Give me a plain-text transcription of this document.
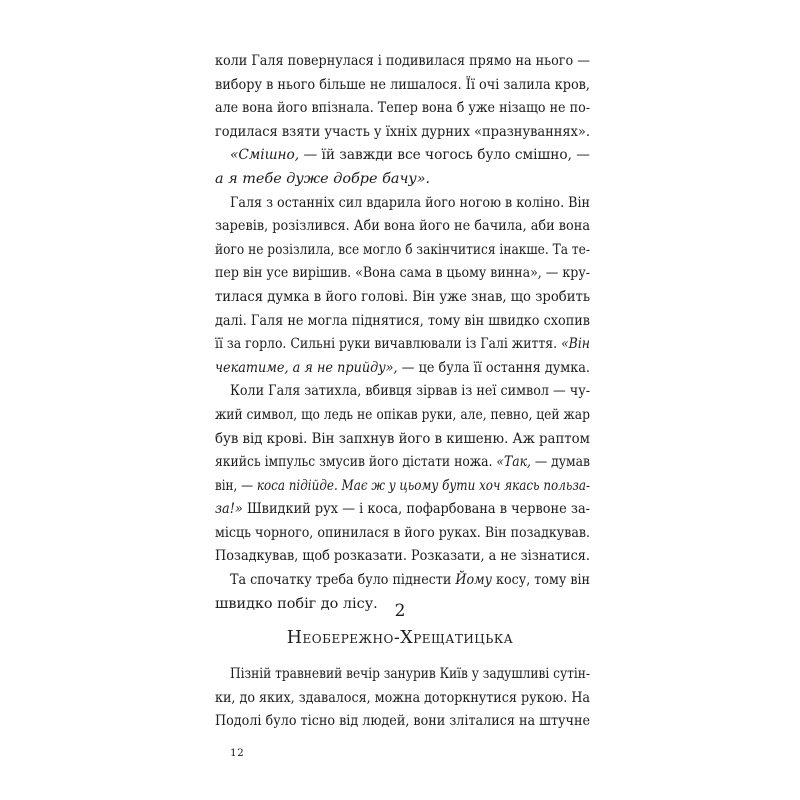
коли Галя повернулася і подивилася прямо на нього —
вибору в нього більше не лишалося. Її очі залила кров,
але вона його впізнала. Тепер вона б уже нізащо не по-
годилася взяти участь у їхніх дурних «празнуваннях».
«Смішно, — їй завжди все чогось було смішно, —
а я тебе дуже добре бачу».
Галя з останніх сил вдарила його ногою в коліно. Він
заревів, розізлився. Аби вона його не бачила, аби вона
його не розізлила, все могло б закінчитися інакше. Та те-
пер він усе вирішив. «Вона сама в цьому винна», — кру-
тилася думка в його голові. Він уже знав, що зробить
далі. Галя не могла піднятися, тому він швидко схопив
її за горло. Сильні руки вичавлювали із Галі життя. «Він
чекатиме, а я не прийду», — це була її остання думка.
Коли Галя затихла, вбивця зірвав із неї символ — чу-
жий символ, що ледь не опікав руки, але, певно, цей жар
був від крові. Він запхнув його в кишеню. Аж раптом
якийсь імпульс змусив його дістати ножа. «Так, — думав
він, — коса підійде. Має ж у цьому бути хоч якась польза-
за!» Швидкий рух — і коса, пофарбована в червоне за-
місць чорного, опинилася в його руках. Він позадкував.
Позадкував, щоб розказати. Розказати, а не зізнатися.
Та спочатку треба було піднести Йому косу, тому він
швидко побіг до лісу. 2
Необережно-Хрещатицька
Пізній травневий вечір занурив Київ у задушливі сутін-
ки, до яких, здавалося, можна доторкнутися рукою. На
Подолі було тісно від людей, вони злiталися на штучне
12
